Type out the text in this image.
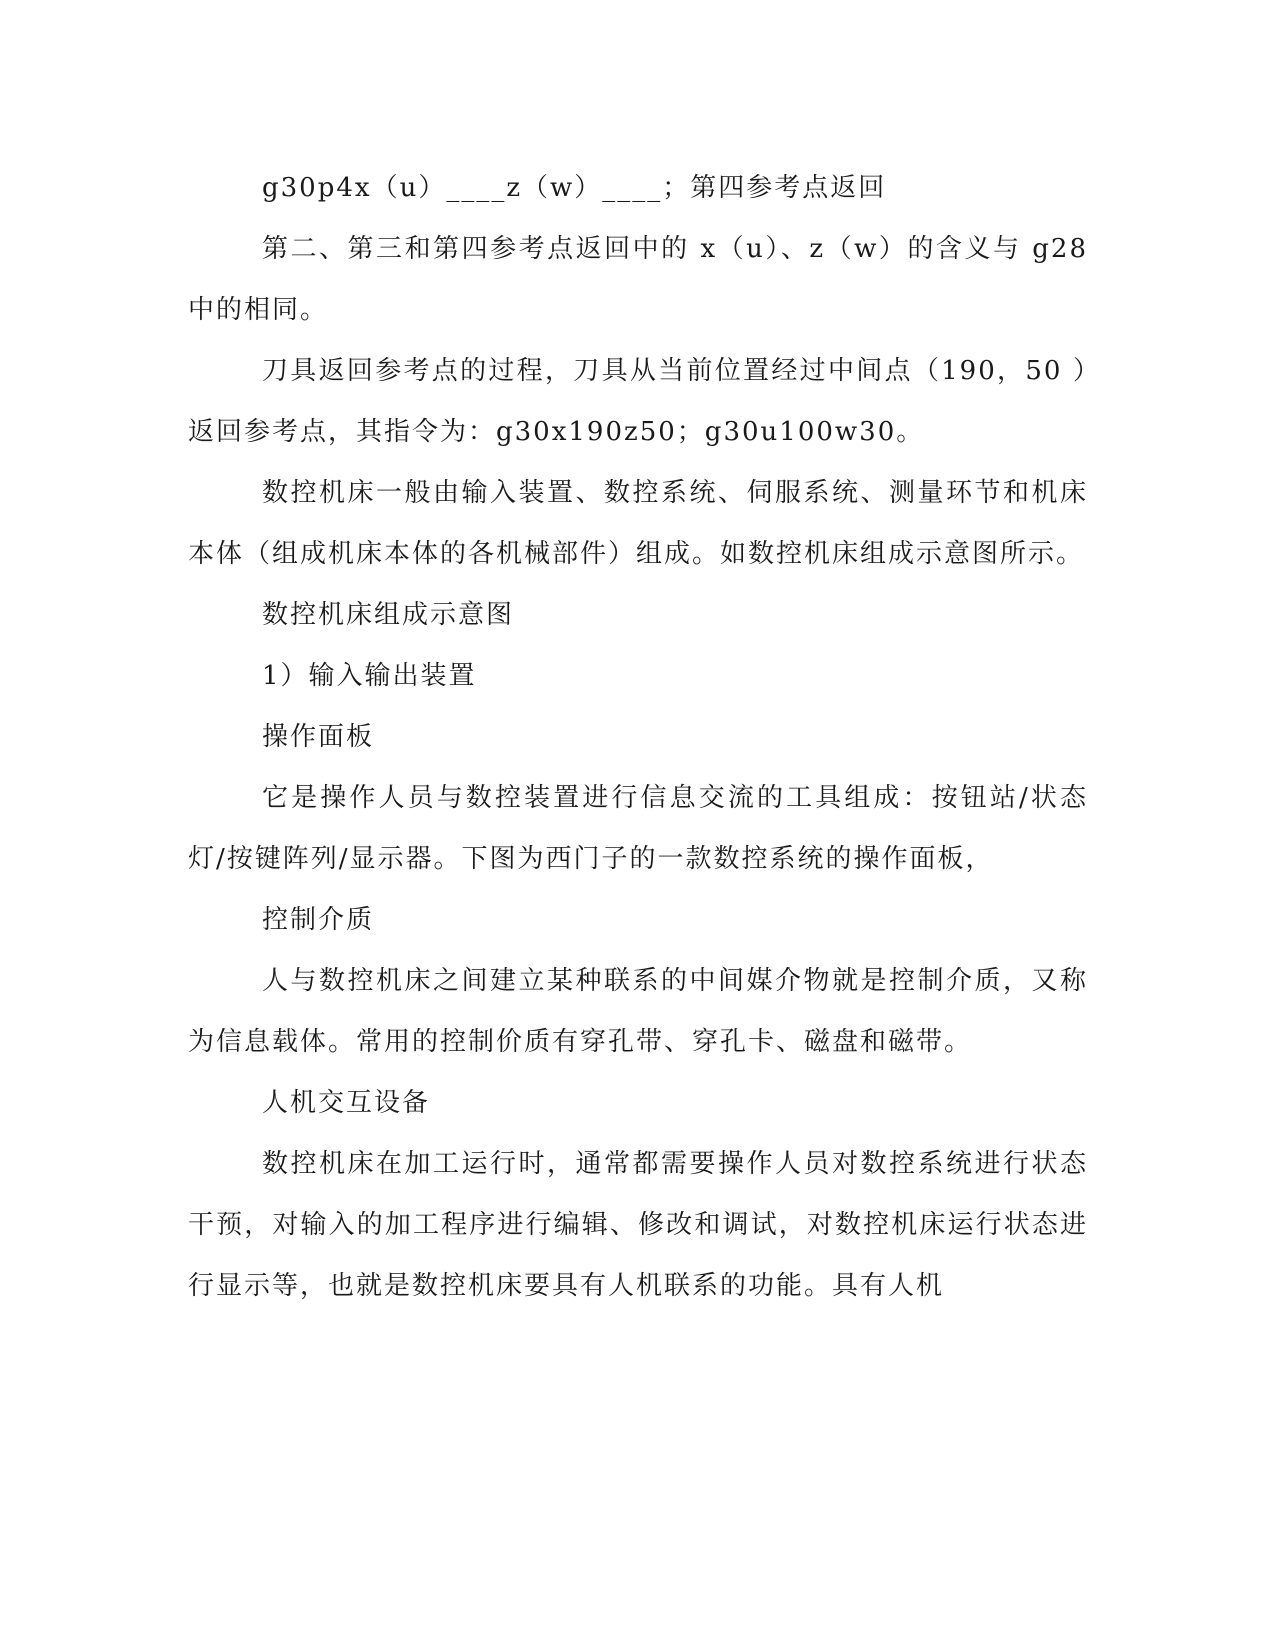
g30p4x（u）____z（w）____；第四参考点返回

第二、第三和第四参考点返回中的 x（u）、z（w）的含义与 g28 中的相同。

刀具返回参考点的过程，刀具从当前位置经过中间点（190，50 ）返回参考点，其指令为：g30x190z50；g30u100w30。

数控机床一般由输入装置、数控系统、伺服系统、测量环节和机床本体（组成机床本体的各机械部件）组成。如数控机床组成示意图所示。

数控机床组成示意图

1）输入输出装置

操作面板

它是操作人员与数控装置进行信息交流的工具组成：按钮站/状态灯/按键阵列/显示器。下图为西门子的一款数控系统的操作面板，

控制介质

人与数控机床之间建立某种联系的中间媒介物就是控制介质，又称为信息载体。常用的控制价质有穿孔带、穿孔卡、磁盘和磁带。

人机交互设备

数控机床在加工运行时，通常都需要操作人员对数控系统进行状态干预，对输入的加工程序进行编辑、修改和调试，对数控机床运行状态进行显示等，也就是数控机床要具有人机联系的功能。具有人机
